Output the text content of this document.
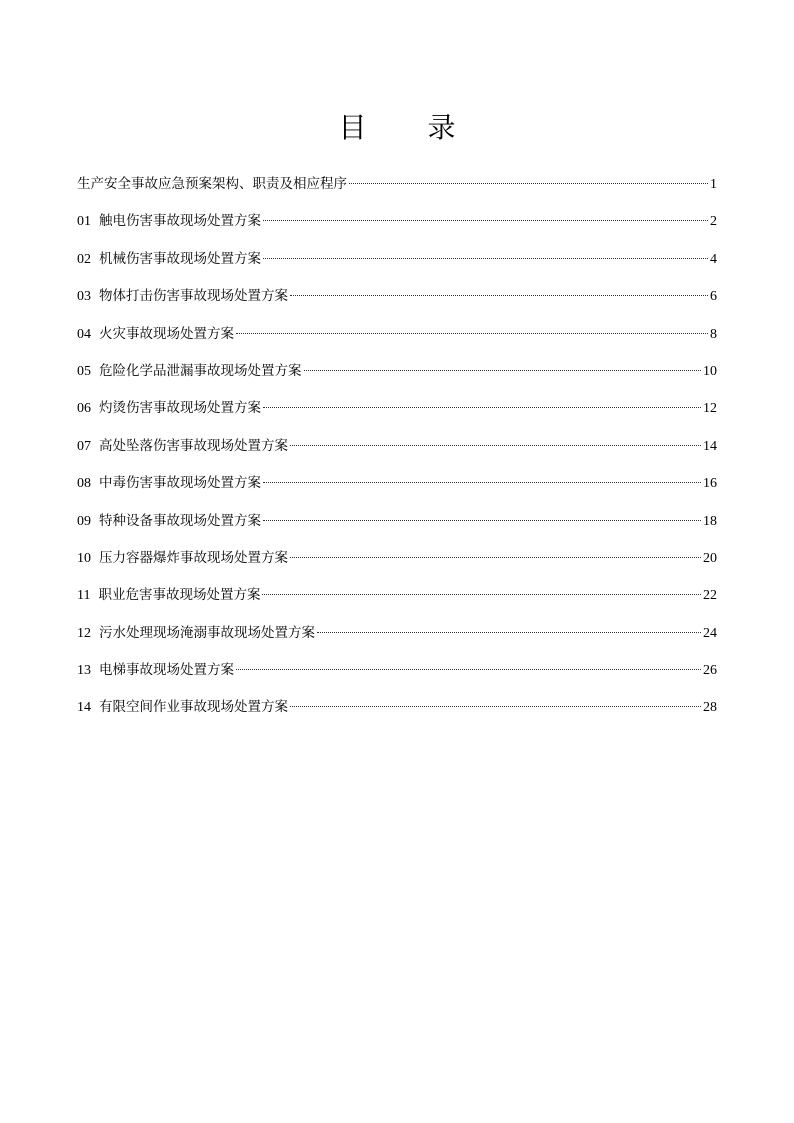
目 录
生产安全事故应急预案架构、职责及相应程序	1
01 触电伤害事故现场处置方案	2
02 机械伤害事故现场处置方案	4
03 物体打击伤害事故现场处置方案	6
04 火灾事故现场处置方案	8
05 危险化学品泄漏事故现场处置方案	10
06 灼烫伤害事故现场处置方案	12
07 高处坠落伤害事故现场处置方案	14
08 中毒伤害事故现场处置方案	16
09 特种设备事故现场处置方案	18
10 压力容器爆炸事故现场处置方案	20
11 职业危害事故现场处置方案	22
12 污水处理现场淹溺事故现场处置方案	24
13 电梯事故现场处置方案	26
14 有限空间作业事故现场处置方案	28
